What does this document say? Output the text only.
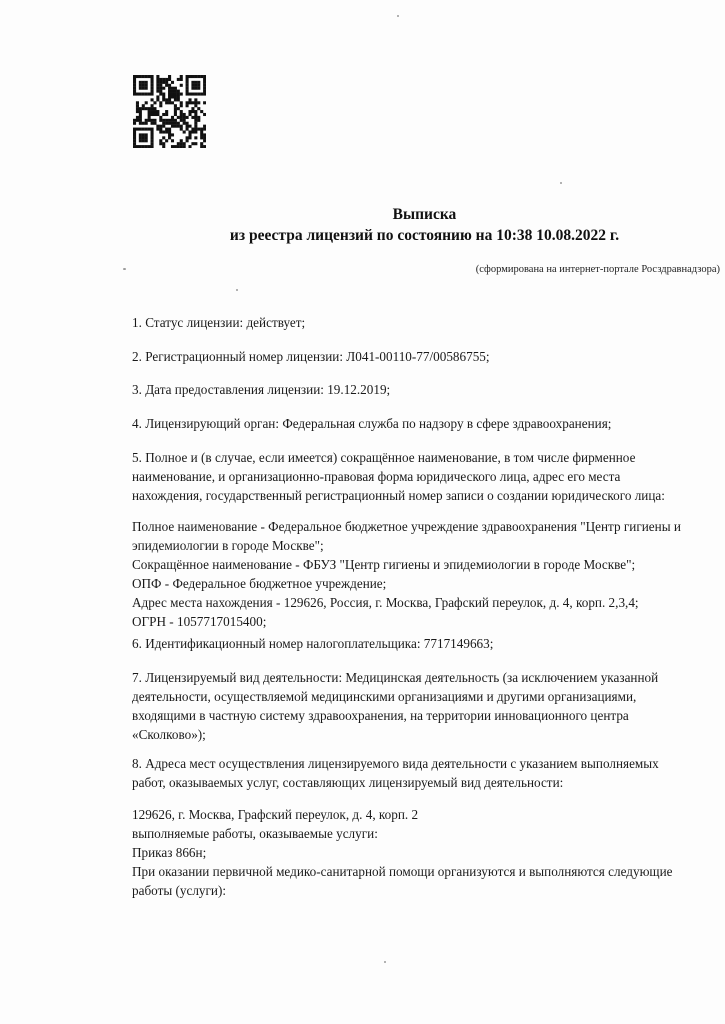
Выписка
из реестра лицензий по состоянию на 10:38 10.08.2022 г.
(сформирована на интернет-портале Росздравнадзора)
1. Статус лицензии: действует;
2. Регистрационный номер лицензии: Л041-00110-77/00586755;
3. Дата предоставления лицензии: 19.12.2019;
4. Лицензирующий орган: Федеральная служба по надзору в сфере здравоохранения;
5. Полное и (в случае, если имеется) сокращённое наименование, в том числе фирменное
наименование, и организационно-правовая форма юридического лица, адрес его места
нахождения, государственный регистрационный номер записи о создании юридического лица:
Полное наименование - Федеральное бюджетное учреждение здравоохранения "Центр гигиены и
эпидемиологии в городе Москве";
Сокращённое наименование - ФБУЗ "Центр гигиены и эпидемиологии в городе Москве";
ОПФ - Федеральное бюджетное учреждение;
Адрес места нахождения - 129626, Россия, г. Москва, Графский переулок, д. 4, корп. 2,3,4;
ОГРН - 1057717015400;
6. Идентификационный номер налогоплательщика: 7717149663;
7. Лицензируемый вид деятельности: Медицинская деятельность (за исключением указанной
деятельности, осуществляемой медицинскими организациями и другими организациями,
входящими в частную систему здравоохранения, на территории инновационного центра
«Сколково»);
8. Адреса мест осуществления лицензируемого вида деятельности с указанием выполняемых
работ, оказываемых услуг, составляющих лицензируемый вид деятельности:
129626, г. Москва, Графский переулок, д. 4, корп. 2
выполняемые работы, оказываемые услуги:
Приказ 866н;
При оказании первичной медико-санитарной помощи организуются и выполняются следующие
работы (услуги):
